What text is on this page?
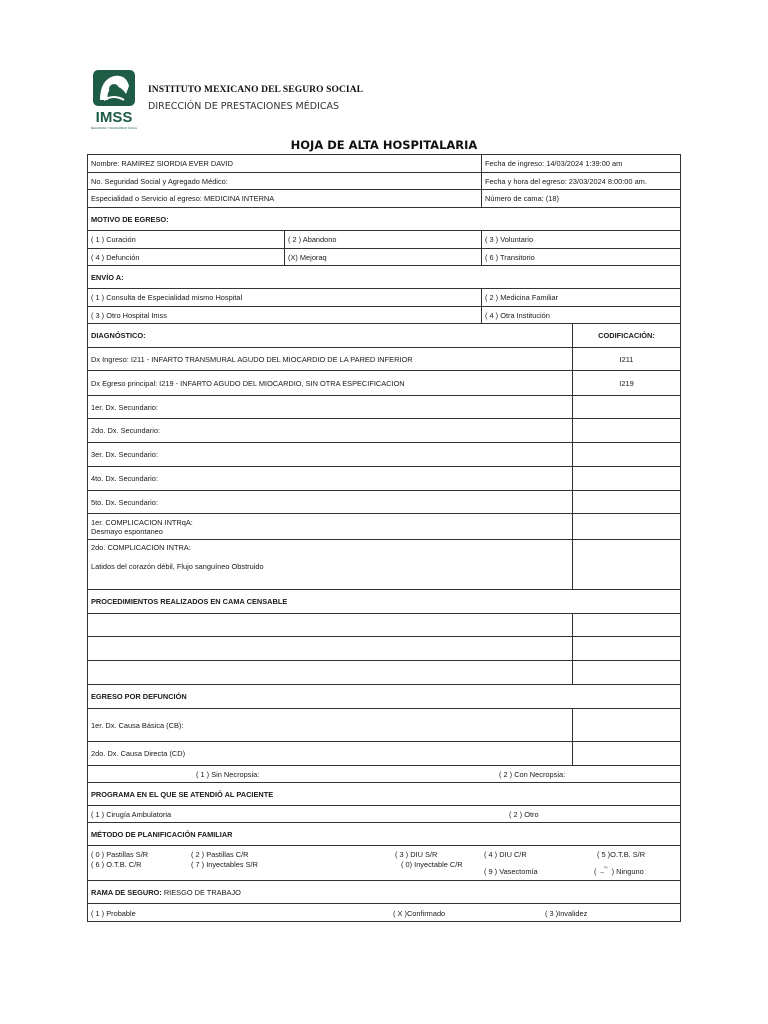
IMSS
SEGURIDAD Y SOLIDARIDAD SOCIAL
INSTITUTO MEXICANO DEL SEGURO SOCIAL
DIRECCIÓN DE PRESTACIONES MÉDICAS
HOJA DE ALTA HOSPITALARIA
Nombre: RAMIREZ SIORDIA EVER DAVID	Fecha de ingreso: 14/03/2024 1:39:00 am
No. Seguridad Social y Agregado Médico:	Fecha y hora del egreso: 23/03/2024 8:00:00 am.
Especialidad o Servicio al egreso: MEDICINA INTERNA	Número de cama: (18)
MOTIVO DE EGRESO:
( 1 ) Curación	( 2 ) Abandono	( 3 ) Voluntario
( 4 ) Defunción	(X) Mejoraq	( 6 ) Transitorio
ENVÍO A:
( 1 ) Consulta de Especialidad mismo Hospital	( 2 ) Medicina Familiar
( 3 ) Otro Hospital Imss	( 4 ) Otra Institución
DIAGNÓSTICO:	CODIFICACIÓN:
Dx Ingreso: I211 - INFARTO TRANSMURAL AGUDO DEL MIOCARDIO DE LA PARED INFERIOR	I211
Dx Egreso principal: I219 - INFARTO AGUDO DEL MIOCARDIO, SIN OTRA ESPECIFICACION	I219
1er. Dx. Secundario:
2do. Dx. Secundario:
3er. Dx. Secundario:
4to. Dx. Secundario:
5to. Dx. Secundario:
1er. COMPLICACION INTRqA:
Desmayo espontaneo
2do. COMPLICACION INTRA:
Latidos del corazón débil, Flujo sanguíneo Obstruido
PROCEDIMIENTOS REALIZADOS EN CAMA CENSABLE
EGRESO POR DEFUNCIÓN
1er. Dx. Causa Básica (CB):
2do. Dx. Causa Directa (CD)
( 1 ) Sin Necropsia:	( 2 ) Con Necropsia:
PROGRAMA EN EL QUE SE ATENDIÓ AL PACIENTE
( 1 ) Cirugía Ambulatoria	( 2 ) Otro
MÉTODO DE PLANIFICACIÓN FAMILIAR
( 0 ) Pastillas S/R	( 2 ) Pastillas C/R	( 3 ) DIU S/R	( 4 ) DIU C/R	( 5 )O.T.B. S/R
( 6 ) O.T.B. C/R	( 7 ) Inyectables S/R	( 0) Inyectable C/R
( 9 ) Vasectomía	( _’° ) Ninguno
RAMA DE SEGURO: RIESGO DE TRABAJO
( 1 ) Probable	( X )Confirmado	( 3 )Invalidez
